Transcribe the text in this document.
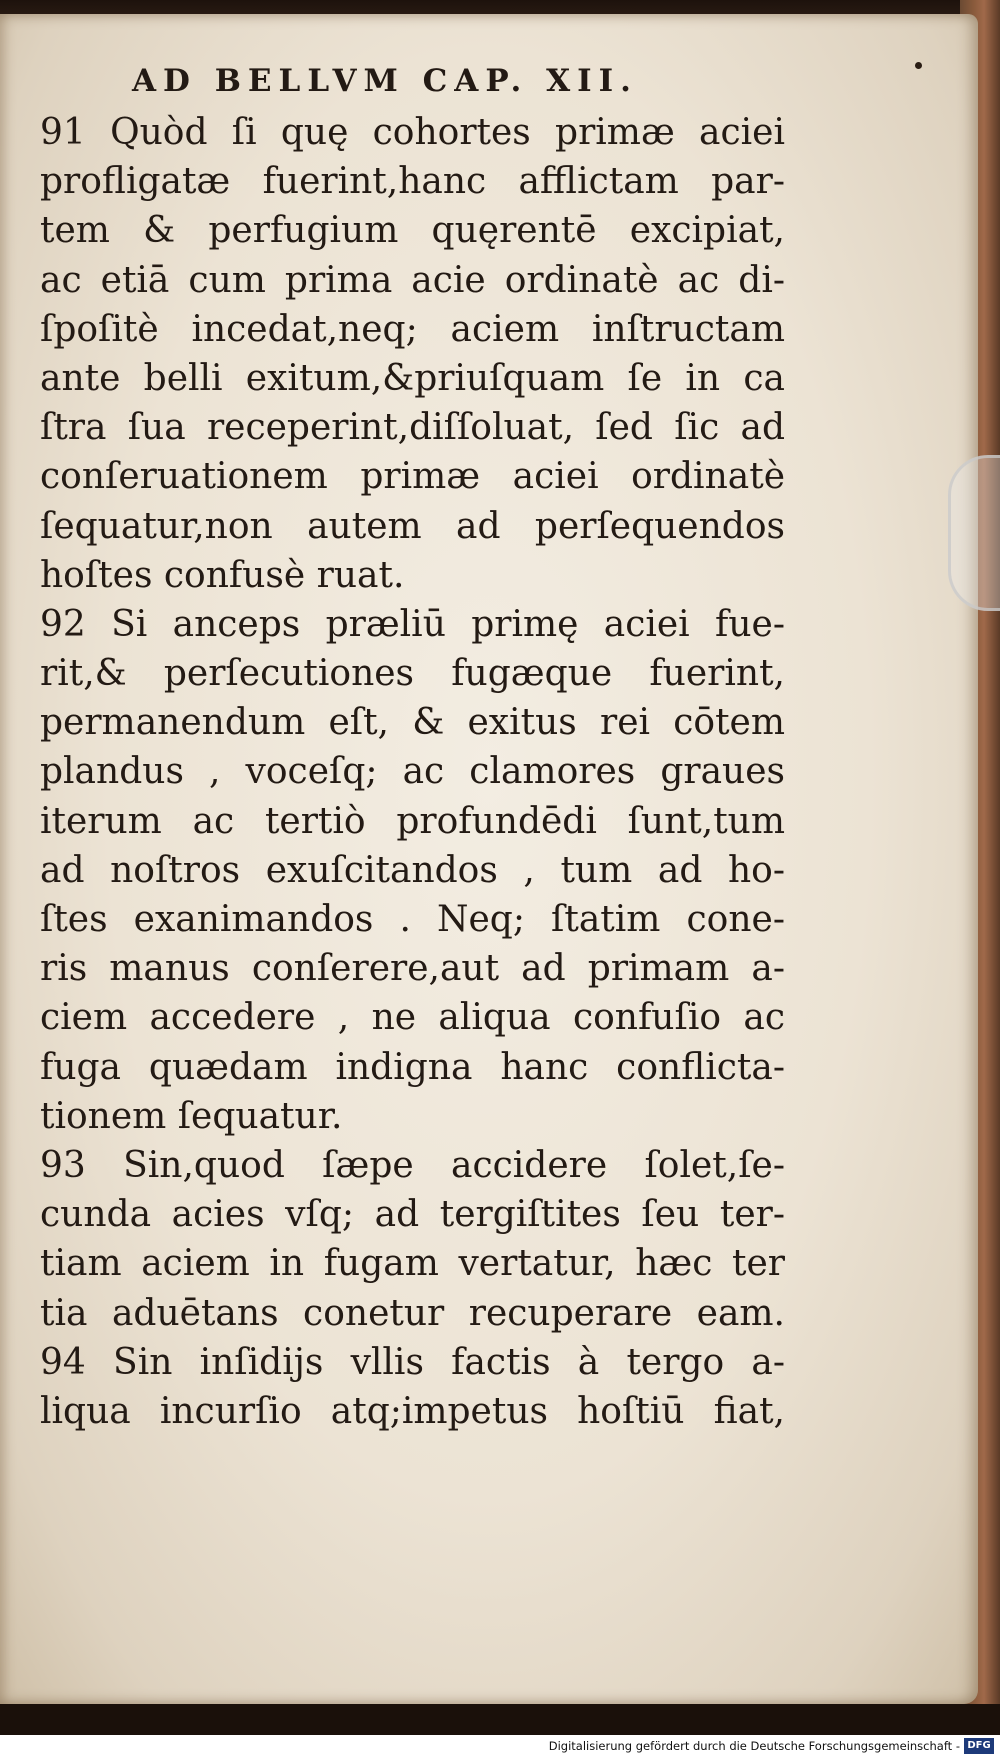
AD BELLVM CAP. XII.
91 Quòd ſi quę cohortes primæ aciei
profligatæ fuerint,hanc afflictam par-
tem & perfugium quęrentē excipiat,
ac etiā cum prima acie ordinatè ac di-
ſpoſitè incedat,neq; aciem inſtructam
ante belli exitum,&priuſquam ſe in ca
ſtra ſua receperint,diſſoluat, ſed ſic ad
conſeruationem primæ aciei ordinatè
ſequatur,non autem ad perſequendos
hoſtes confusè ruat.
92 Si anceps præliū primę aciei fue-
rit,& perſecutiones fugæque fuerint,
permanendum eſt, & exitus rei cōtem
plandus , voceſq; ac clamores graues
iterum ac tertiò profundēdi ſunt,tum
ad noſtros exuſcitandos , tum ad ho-
ſtes exanimandos . Neq; ſtatim cone-
ris manus conſerere,aut ad primam a-
ciem accedere , ne aliqua confuſio ac
fuga quædam indigna hanc conflicta-
tionem ſequatur.
93 Sin,quod ſæpe accidere ſolet,ſe-
cunda acies vſq; ad tergiſtites ſeu ter-
tiam aciem in fugam vertatur, hæc ter
tia aduētans conetur recuperare eam.
94 Sin inſidijs vllis factis à tergo a-
liqua incurſio atq;impetus hoſtiū fiat,
Digitalisierung gefördert durch die Deutsche Forschungsgemeinschaft - DFG
